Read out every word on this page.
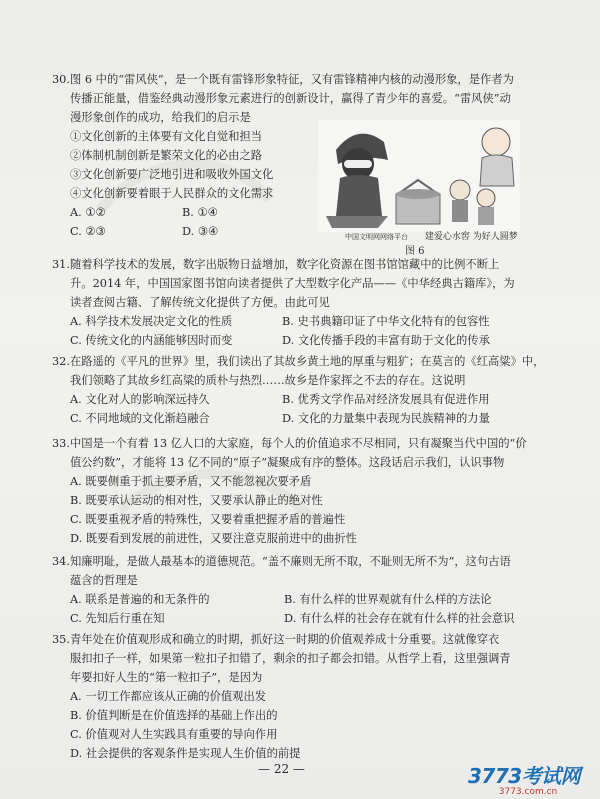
30.图 6 中的“雷风侠”，是一个既有雷锋形象特征，又有雷锋精神内核的动漫形象，是作者为
传播正能量，借鉴经典动漫形象元素进行的创新设计，赢得了青少年的喜爱。“雷风侠”动
漫形象创作的成功，给我们的启示是
①文化创新的主体要有文化自觉和担当
②体制机制创新是繁荣文化的必由之路
③文化创新要广泛地引进和吸收外国文化
④文化创新要着眼于人民群众的文化需求
A. ①②	B. ①④
C. ②③	D. ③④	中国文明网网络平台 建爱心水窖 为好人圆梦
图 6
31.随着科学技术的发展，数字出版物日益增加，数字化资源在图书馆馆藏中的比例不断上
升。2014 年，中国国家图书馆向读者提供了大型数字化产品——《中华经典古籍库》，为
读者查阅古籍、了解传统文化提供了方便。由此可见
A. 科学技术发展决定文化的性质	B. 史书典籍印证了中华文化特有的包容性
C. 传统文化的内涵能够因时而变	D. 文化传播手段的丰富有助于文化的传承
32.在路遥的《平凡的世界》里，我们读出了其故乡黄土地的厚重与粗犷；在莫言的《红高粱》中，
我们领略了其故乡红高粱的质朴与热烈……故乡是作家挥之不去的存在。这说明
A. 文化对人的影响深远持久	B. 优秀文学作品对经济发展具有促进作用
C. 不同地域的文化渐趋融合	D. 文化的力量集中表现为民族精神的力量
33.中国是一个有着 13 亿人口的大家庭，每个人的价值追求不尽相同，只有凝聚当代中国的“价
值公约数”，才能将 13 亿不同的“原子”凝聚成有序的整体。这段话启示我们，认识事物
A. 既要侧重于抓主要矛盾，又不能忽视次要矛盾
B. 既要承认运动的相对性，又要承认静止的绝对性
C. 既要重视矛盾的特殊性，又要着重把握矛盾的普遍性
D. 既要看到发展的前进性，又要注意克服前进中的曲折性
34.知廉明耻，是做人最基本的道德规范。“盖不廉则无所不取，不耻则无所不为”，这句古语
蕴含的哲理是
A. 联系是普遍的和无条件的	B. 有什么样的世界观就有什么样的方法论
C. 先知后行重在知	D. 有什么样的社会存在就有什么样的社会意识
35.青年处在价值观形成和确立的时期，抓好这一时期的价值观养成十分重要。这就像穿衣
服扣扣子一样，如果第一粒扣子扣错了，剩余的扣子都会扣错。从哲学上看，这里强调青
年要扣好人生的“第一粒扣子”，是因为
A. 一切工作都应该从正确的价值观出发
B. 价值判断是在价值选择的基础上作出的
C. 价值观对人生实践具有重要的导向作用
D. 社会提供的客观条件是实现人生价值的前提
— 22 —	3773考试网
3773.com.cn
